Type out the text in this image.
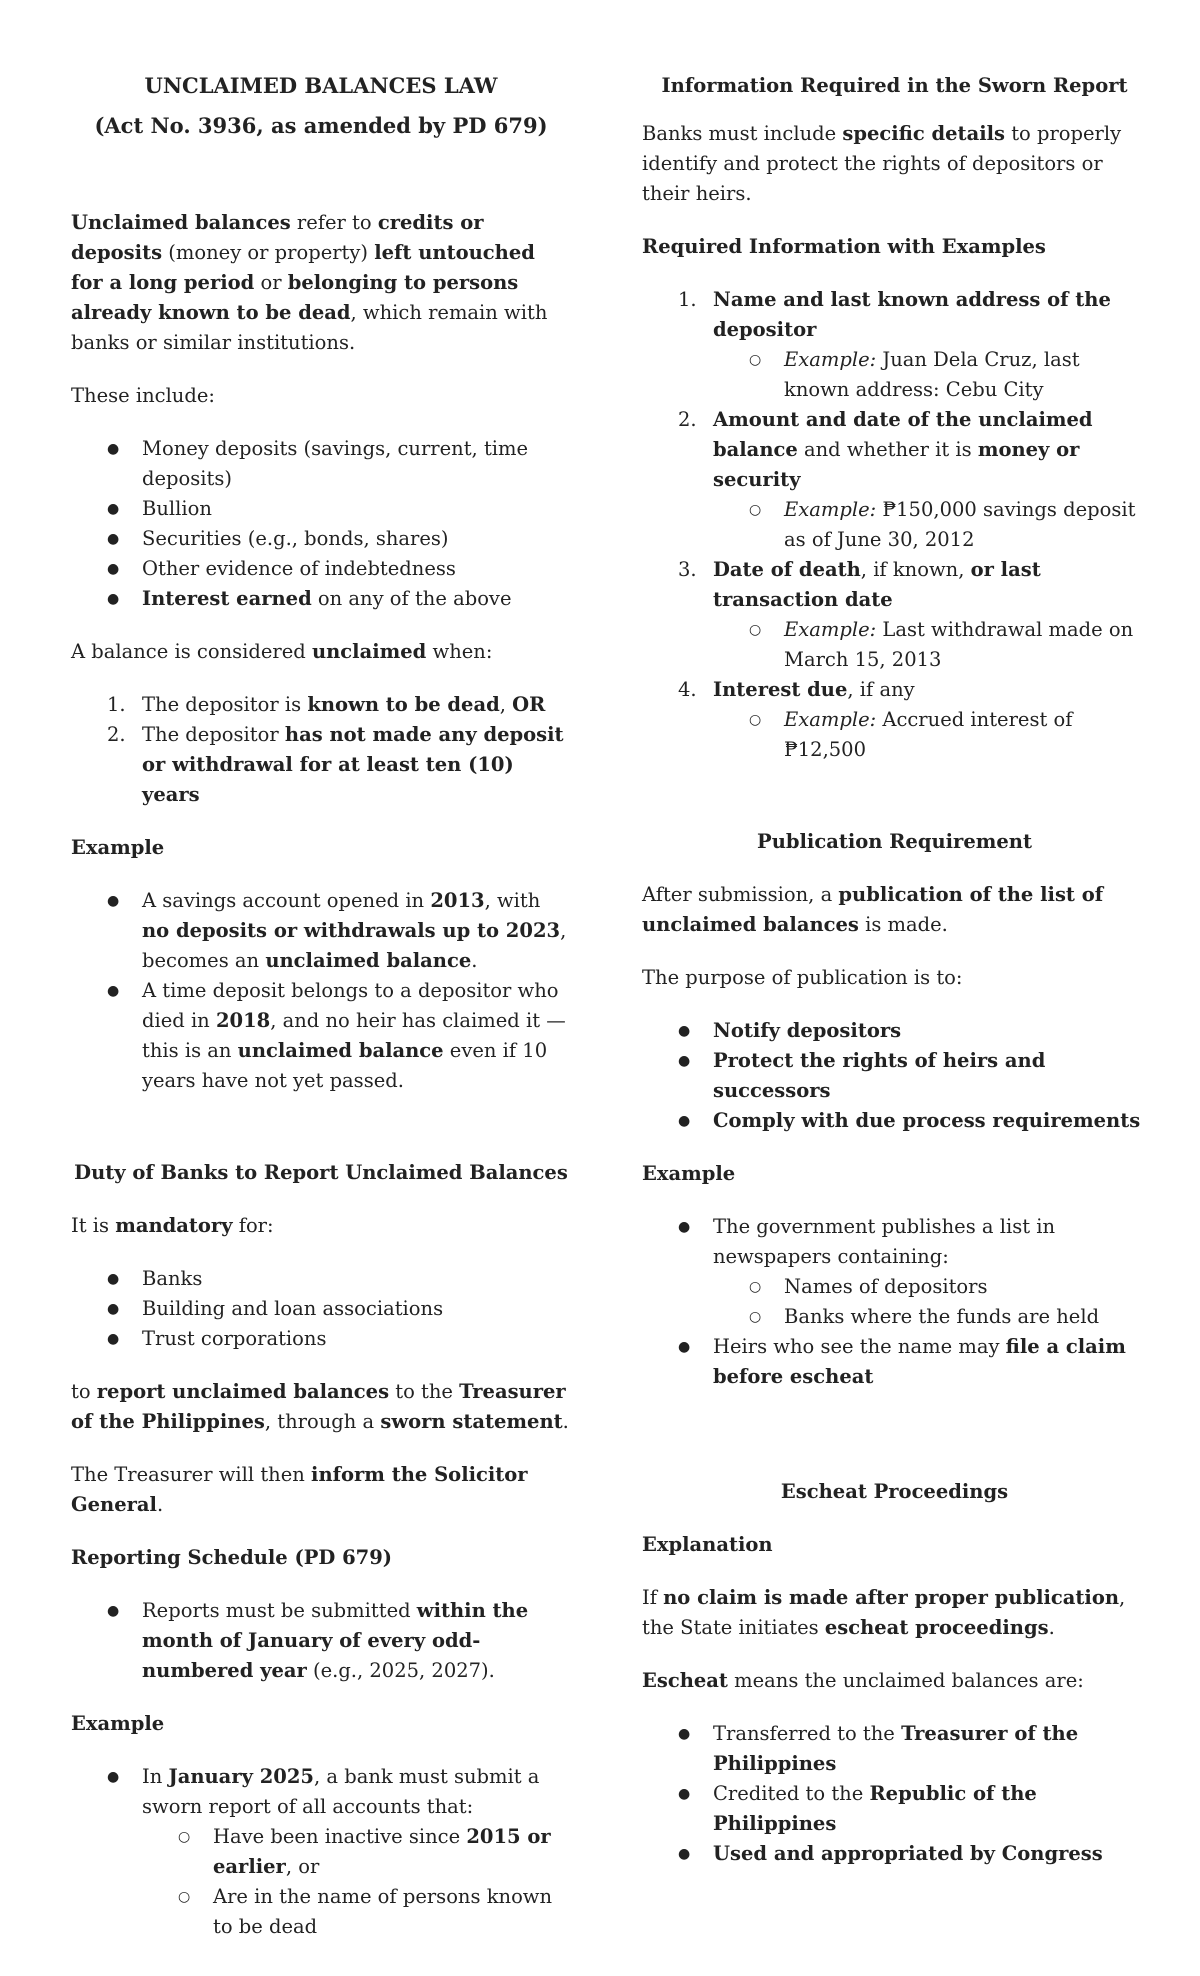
UNCLAIMED BALANCES LAW

(Act No. 3936, as amended by PD 679)

Unclaimed balances refer to credits or deposits (money or property) left untouched for a long period or belonging to persons already known to be dead, which remain with banks or similar institutions.

These include:

● Money deposits (savings, current, time deposits)
● Bullion
● Securities (e.g., bonds, shares)
● Other evidence of indebtedness
● Interest earned on any of the above

A balance is considered unclaimed when:

1. The depositor is known to be dead, OR
2. The depositor has not made any deposit or withdrawal for at least ten (10) years

Example

● A savings account opened in 2013, with no deposits or withdrawals up to 2023, becomes an unclaimed balance.
● A time deposit belongs to a depositor who died in 2018, and no heir has claimed it — this is an unclaimed balance even if 10 years have not yet passed.

Duty of Banks to Report Unclaimed Balances

It is mandatory for:

● Banks
● Building and loan associations
● Trust corporations

to report unclaimed balances to the Treasurer of the Philippines, through a sworn statement.

The Treasurer will then inform the Solicitor General.

Reporting Schedule (PD 679)

● Reports must be submitted within the month of January of every odd-numbered year (e.g., 2025, 2027).

Example

● In January 2025, a bank must submit a sworn report of all accounts that:
○ Have been inactive since 2015 or earlier, or
○ Are in the name of persons known to be dead

Information Required in the Sworn Report

Banks must include specific details to properly identify and protect the rights of depositors or their heirs.

Required Information with Examples

1. Name and last known address of the depositor
○ Example: Juan Dela Cruz, last known address: Cebu City
2. Amount and date of the unclaimed balance and whether it is money or security
○ Example: ₱150,000 savings deposit as of June 30, 2012
3. Date of death, if known, or last transaction date
○ Example: Last withdrawal made on March 15, 2013
4. Interest due, if any
○ Example: Accrued interest of ₱12,500

Publication Requirement

After submission, a publication of the list of unclaimed balances is made.

The purpose of publication is to:

● Notify depositors
● Protect the rights of heirs and successors
● Comply with due process requirements

Example

● The government publishes a list in newspapers containing:
○ Names of depositors
○ Banks where the funds are held
● Heirs who see the name may file a claim before escheat

Escheat Proceedings

Explanation

If no claim is made after proper publication, the State initiates escheat proceedings.

Escheat means the unclaimed balances are:

● Transferred to the Treasurer of the Philippines
● Credited to the Republic of the Philippines
● Used and appropriated by Congress
